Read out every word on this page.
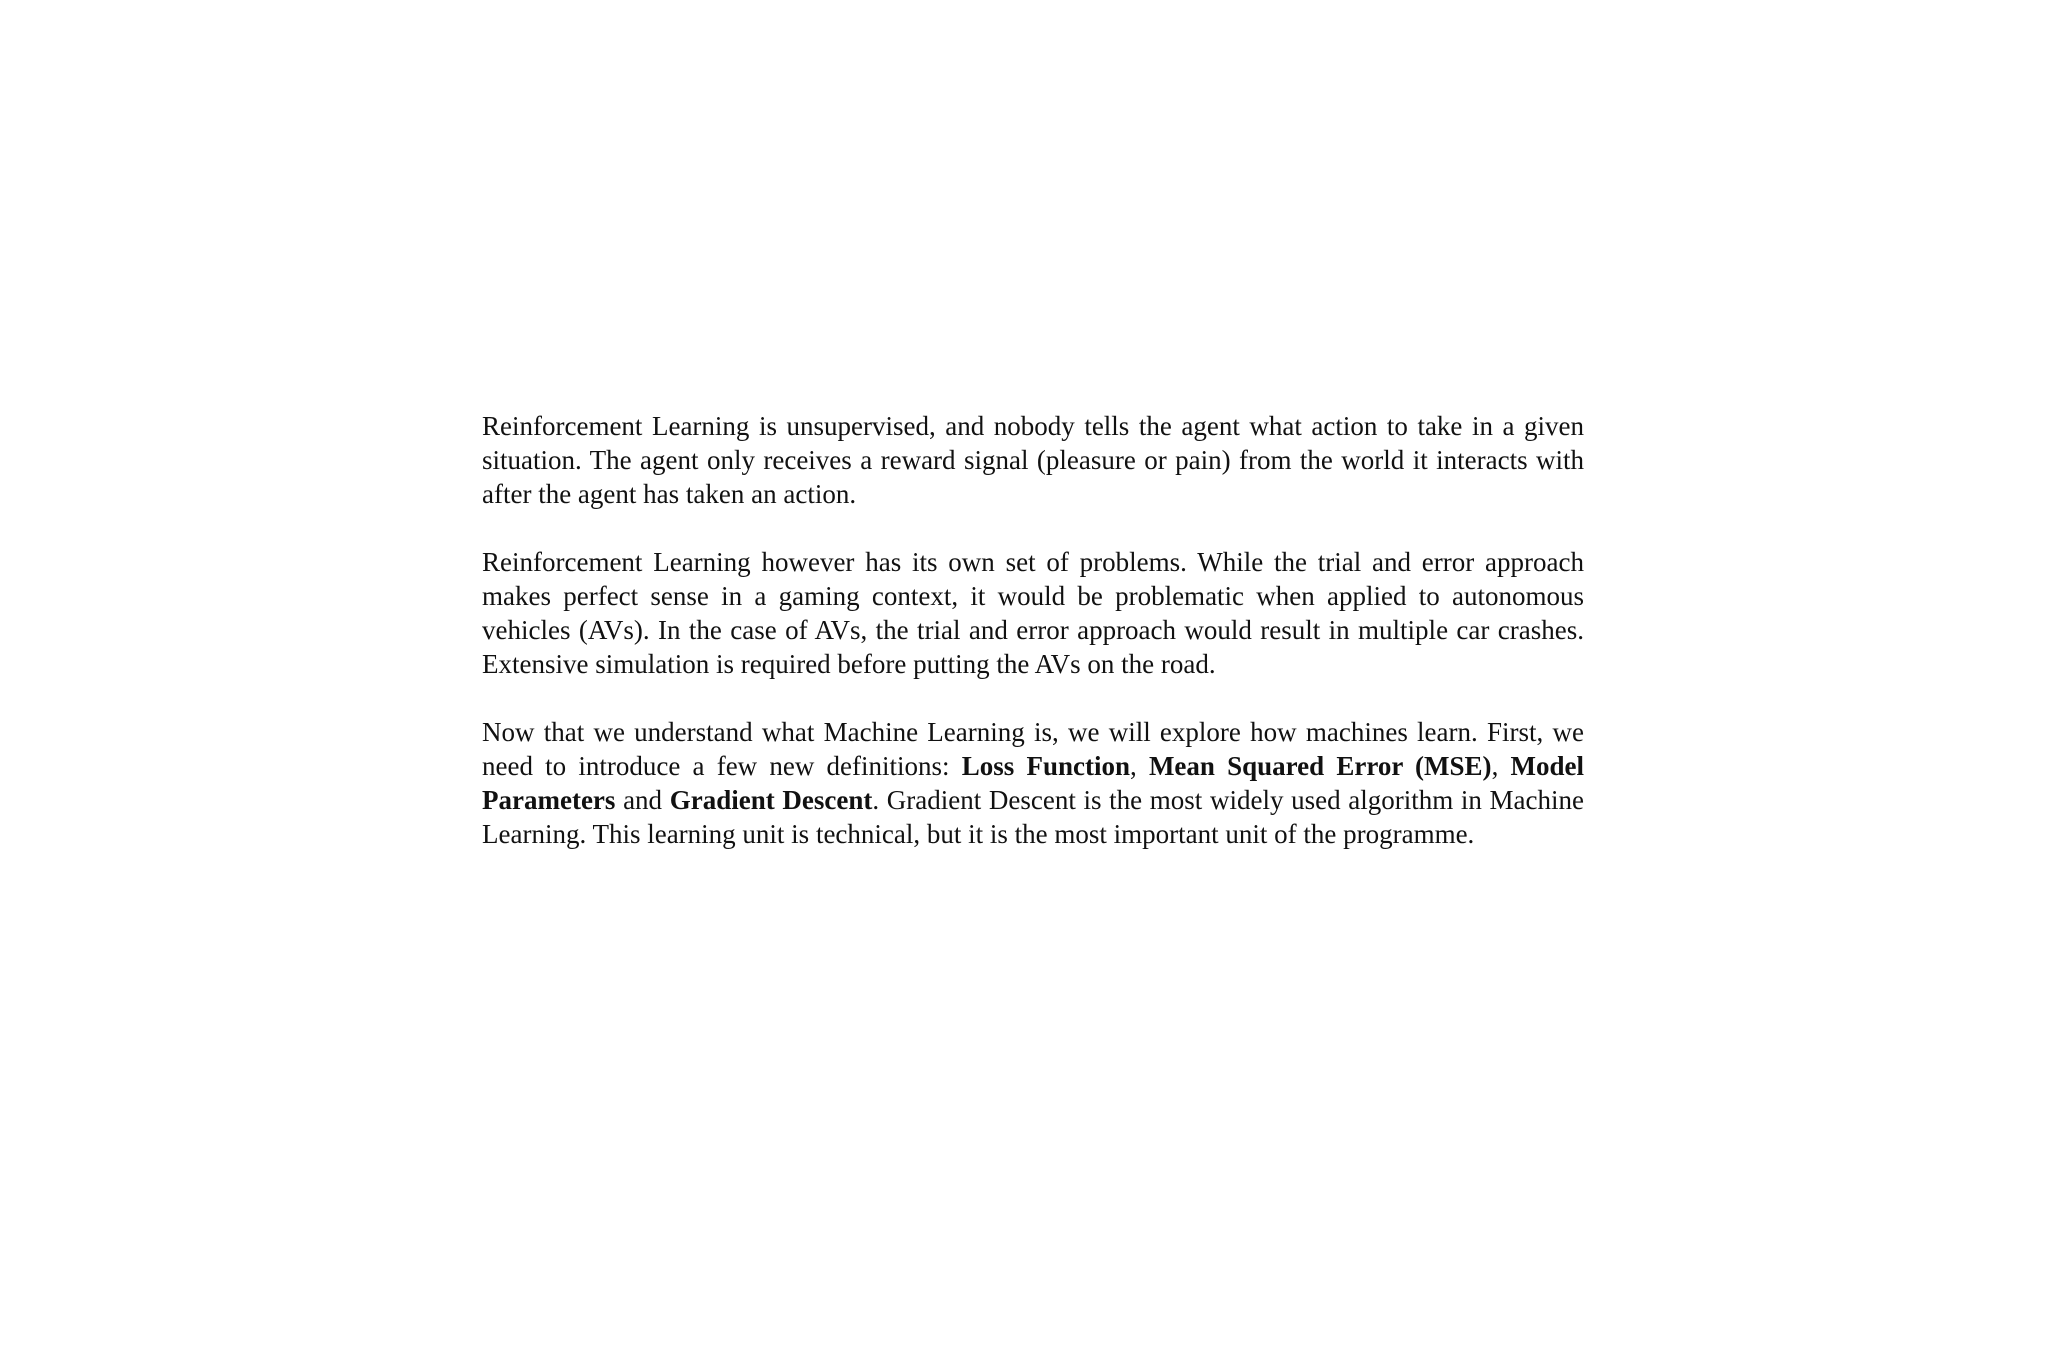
Reinforcement Learning is unsupervised, and nobody tells the agent what action to take in a given situation. The agent only receives a reward signal (pleasure or pain) from the world it interacts with after the agent has taken an action.

Reinforcement Learning however has its own set of problems. While the trial and error approach makes perfect sense in a gaming context, it would be problematic when applied to autonomous vehicles (AVs). In the case of AVs, the trial and error approach would result in multiple car crashes. Extensive simulation is required before putting the AVs on the road.

Now that we understand what Machine Learning is, we will explore how machines learn. First, we need to introduce a few new definitions: Loss Function, Mean Squared Error (MSE), Model Parameters and Gradient Descent. Gradient Descent is the most widely used algorithm in Machine Learning. This learning unit is technical, but it is the most important unit of the programme.
